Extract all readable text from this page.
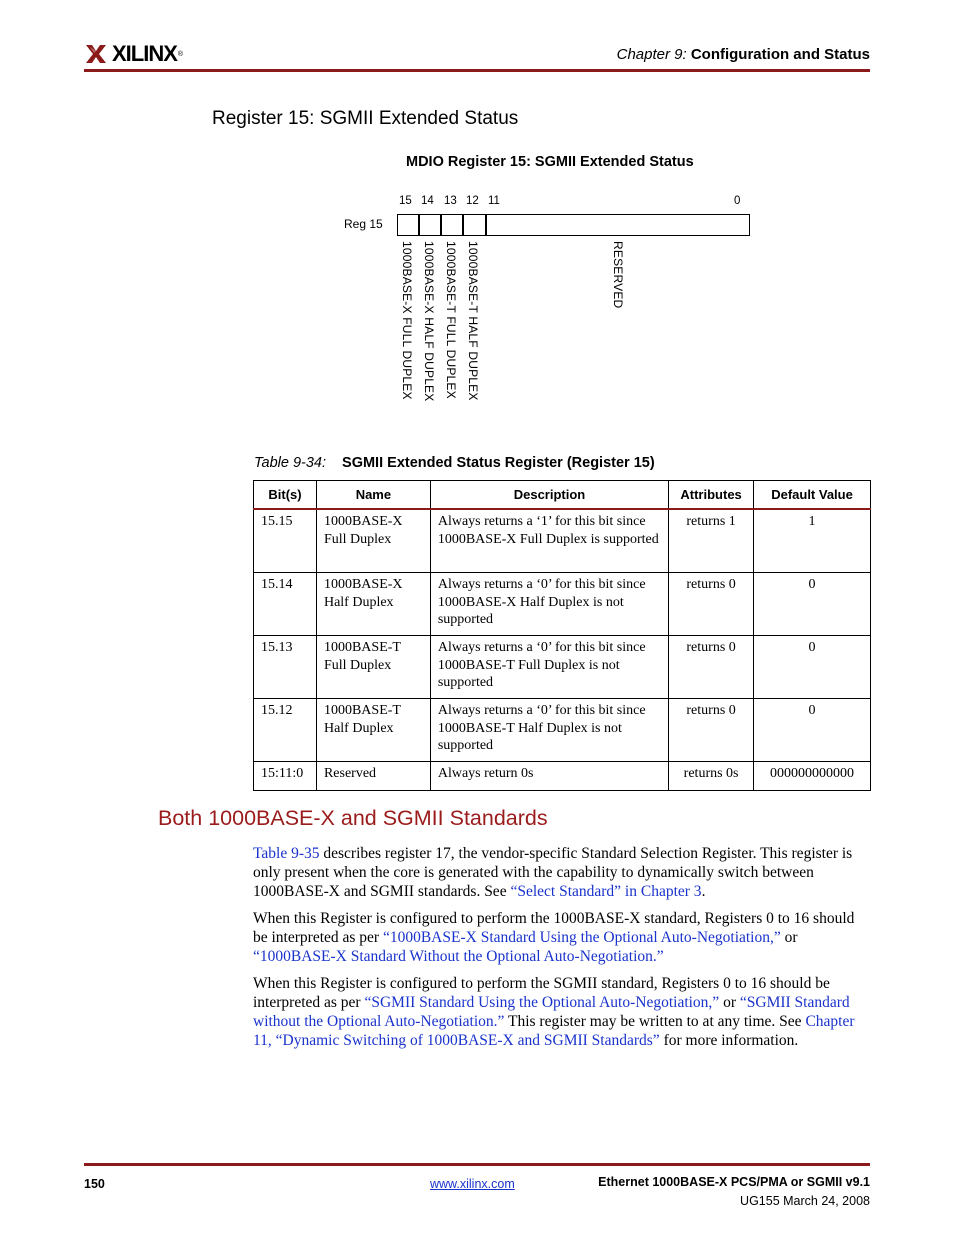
XILINX ®	Chapter 9: Configuration and Status
Register 15: SGMII Extended Status
MDIO Register 15: SGMII Extended Status
15 14 13 12 11	0
Reg 15
1000BASE-X FULL DUPLEX 1000BASE-X HALF DUPLEX 1000BASE-T FULL DUPLEX 1000BASE-T HALF DUPLEX	RESERVED
Table 9-34: SGMII Extended Status Register (Register 15)
Bit(s)	Name	Description	Attributes	Default Value
15.15	1000BASE-X Full Duplex	Always returns a ‘1’ for this bit since 1000BASE-X Full Duplex is supported	returns 1	1
15.14	1000BASE-X Half Duplex	Always returns a ‘0’ for this bit since 1000BASE-X Half Duplex is not supported	returns 0	0
15.13	1000BASE-T Full Duplex	Always returns a ‘0’ for this bit since 1000BASE-T Full Duplex is not supported	returns 0	0
15.12	1000BASE-T Half Duplex	Always returns a ‘0’ for this bit since 1000BASE-T Half Duplex is not supported	returns 0	0
15:11:0	Reserved	Always return 0s	returns 0s	000000000000
Both 1000BASE-X and SGMII Standards
Table 9-35 describes register 17, the vendor-specific Standard Selection Register. This register is only present when the core is generated with the capability to dynamically switch between 1000BASE-X and SGMII standards. See “Select Standard” in Chapter 3.
When this Register is configured to perform the 1000BASE-X standard, Registers 0 to 16 should be interpreted as per “1000BASE-X Standard Using the Optional Auto-Negotiation,” or “1000BASE-X Standard Without the Optional Auto-Negotiation.”
When this Register is configured to perform the SGMII standard, Registers 0 to 16 should be interpreted as per “SGMII Standard Using the Optional Auto-Negotiation,” or “SGMII Standard without the Optional Auto-Negotiation.” This register may be written to at any time. See Chapter 11, “Dynamic Switching of 1000BASE-X and SGMII Standards” for more information.
150	www.xilinx.com	Ethernet 1000BASE-X PCS/PMA or SGMII v9.1
UG155 March 24, 2008
